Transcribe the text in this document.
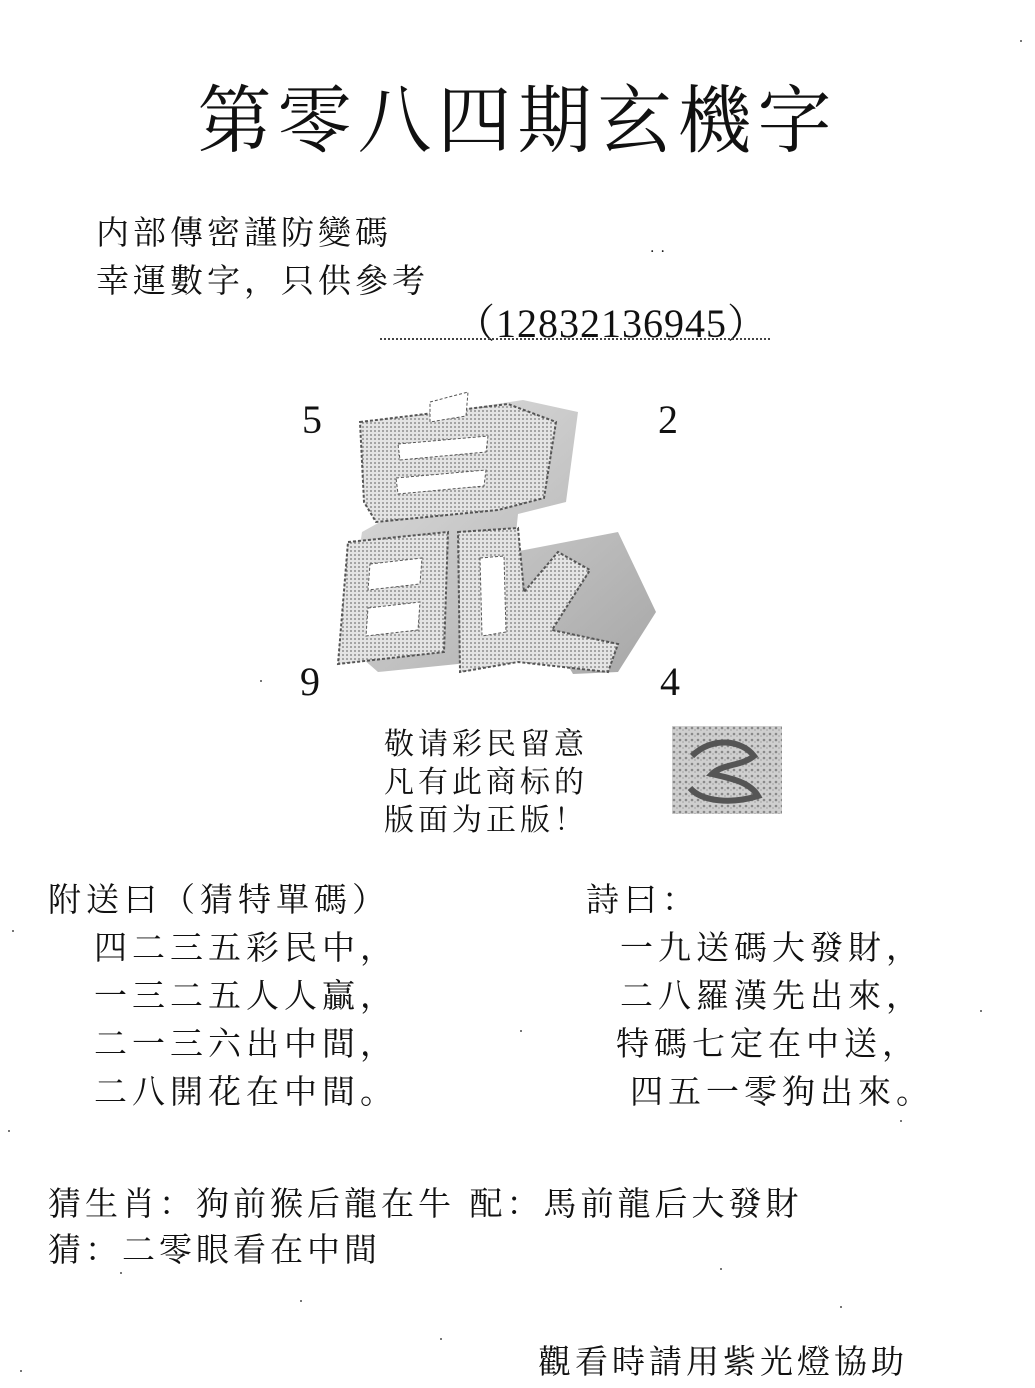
第零八四期玄機字
内部傳密謹防變碼
幸運數字，只供參考
··
（12832136945）
5	2
9	4
敬请彩民留意
凡有此商标的
版面为正版！
附送曰（猜特單碼）
四二三五彩民中，
一三二五人人贏，
二一三六出中間，
二八開花在中間。
詩曰：
一九送碼大發財，
二八羅漢先出來，
特碼七定在中送，
四五一零狗出來。
猜生肖：狗前猴后龍在牛 配：馬前龍后大發財
猜：二零眼看在中間
觀看時請用紫光燈協助
